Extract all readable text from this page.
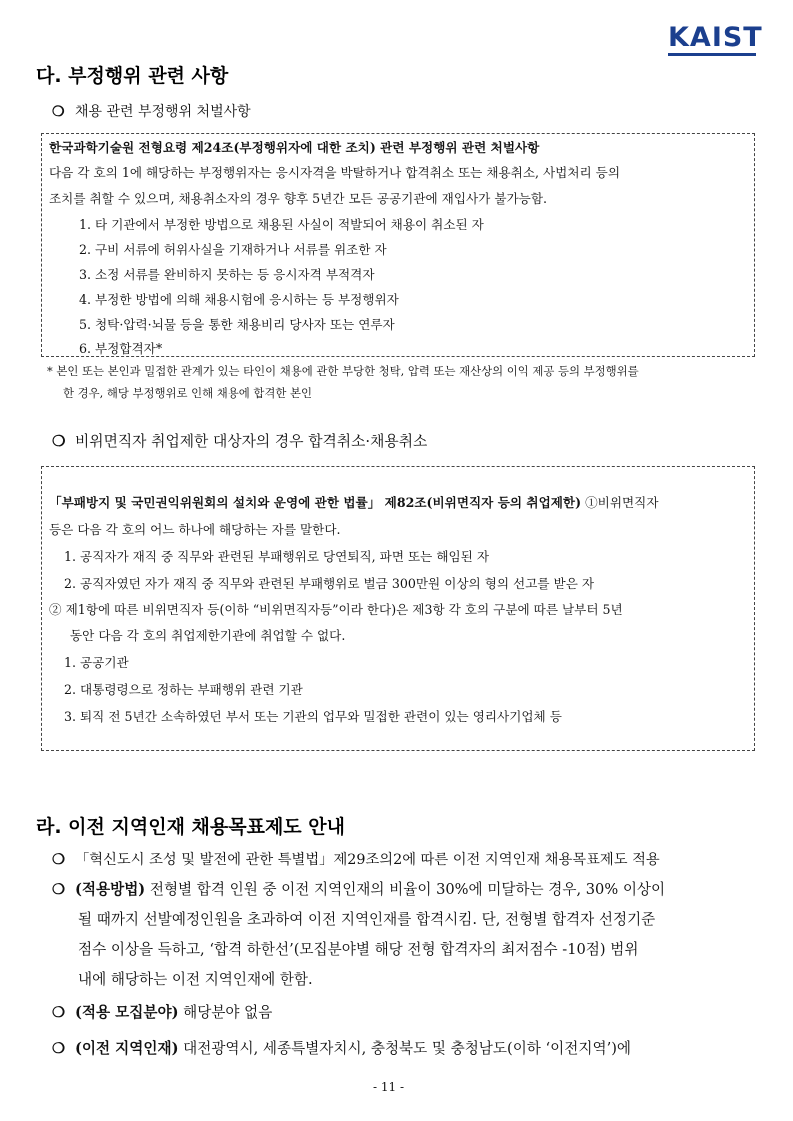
KAIST
다. 부정행위 관련 사항
❍ 채용 관련 부정행위 처벌사항
한국과학기술원 전형요령 제24조(부정행위자에 대한 조치) 관련 부정행위 관련 처벌사항
다음 각 호의 1에 해당하는 부정행위자는 응시자격을 박탈하거나 합격취소 또는 채용취소, 사법처리 등의
조치를 취할 수 있으며, 채용취소자의 경우 향후 5년간 모든 공공기관에 재입사가 불가능함.
1. 타 기관에서 부정한 방법으로 채용된 사실이 적발되어 채용이 취소된 자
2. 구비 서류에 허위사실을 기재하거나 서류를 위조한 자
3. 소정 서류를 완비하지 못하는 등 응시자격 부적격자
4. 부정한 방법에 의해 채용시험에 응시하는 등 부정행위자
5. 청탁·압력·뇌물 등을 통한 채용비리 당사자 또는 연루자
6. 부정합격자*
* 본인 또는 본인과 밀접한 관계가 있는 타인이 채용에 관한 부당한 청탁, 압력 또는 재산상의 이익 제공 등의 부정행위를
한 경우, 해당 부정행위로 인해 채용에 합격한 본인
❍ 비위면직자 취업제한 대상자의 경우 합격취소·채용취소
「부패방지 및 국민권익위원회의 설치와 운영에 관한 법률」 제82조(비위면직자 등의 취업제한) ①비위면직자
등은 다음 각 호의 어느 하나에 해당하는 자를 말한다.
1. 공직자가 재직 중 직무와 관련된 부패행위로 당연퇴직, 파면 또는 해임된 자
2. 공직자였던 자가 재직 중 직무와 관련된 부패행위로 벌금 300만원 이상의 형의 선고를 받은 자
② 제1항에 따른 비위면직자 등(이하 “비위면직자등”이라 한다)은 제3항 각 호의 구분에 따른 날부터 5년
동안 다음 각 호의 취업제한기관에 취업할 수 없다.
1. 공공기관
2. 대통령령으로 정하는 부패행위 관련 기관
3. 퇴직 전 5년간 소속하였던 부서 또는 기관의 업무와 밀접한 관련이 있는 영리사기업체 등
라. 이전 지역인재 채용목표제도 안내
❍ 「혁신도시 조성 및 발전에 관한 특별법」제29조의2에 따른 이전 지역인재 채용목표제도 적용
❍ (적용방법) 전형별 합격 인원 중 이전 지역인재의 비율이 30%에 미달하는 경우, 30% 이상이
될 때까지 선발예정인원을 초과하여 이전 지역인재를 합격시킴. 단, 전형별 합격자 선정기준
점수 이상을 득하고, ‘합격 하한선’(모집분야별 해당 전형 합격자의 최저점수 -10점) 범위
내에 해당하는 이전 지역인재에 한함.
❍ (적용 모집분야) 해당분야 없음
❍ (이전 지역인재) 대전광역시, 세종특별자치시, 충청북도 및 충청남도(이하 ‘이전지역’)에
- 11 -
